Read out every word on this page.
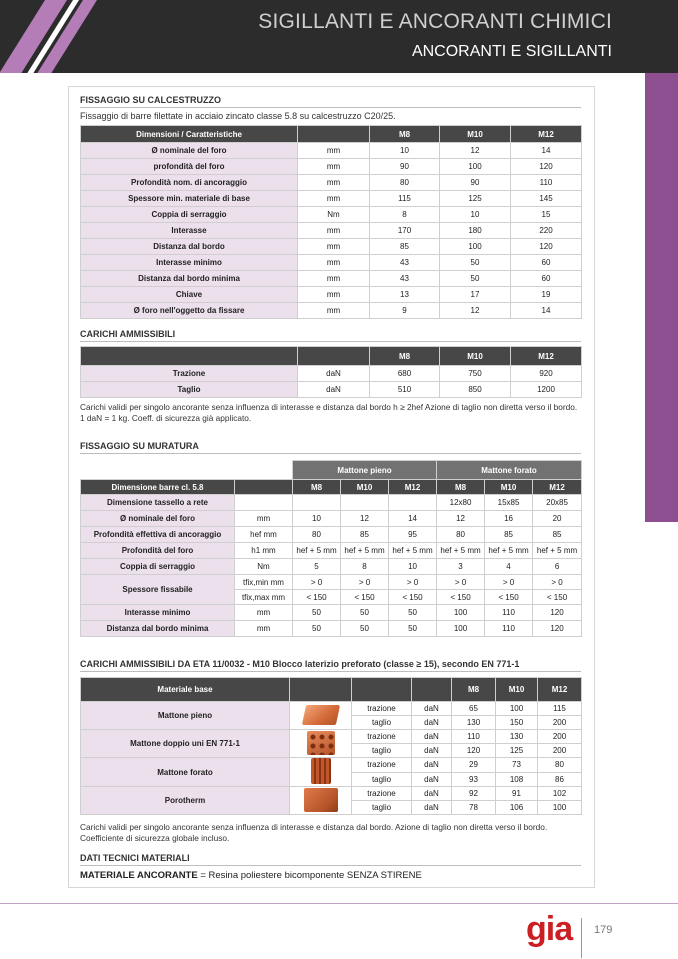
SIGILLANTI E ANCORANTI CHIMICI
ANCORANTI E SIGILLANTI
FISSAGGIO SU CALCESTRUZZO
Fissaggio di barre filettate in acciaio zincato classe 5.8 su calcestruzzo C20/25.
Dimensioni / Caratteristiche		M8	M10	M12
Ø nominale del foro	mm	10	12	14
profondità del foro	mm	90	100	120
Profondità nom. di ancoraggio	mm	80	90	110
Spessore min. materiale di base	mm	115	125	145
Coppia di serraggio	Nm	8	10	15
Interasse	mm	170	180	220
Distanza dal bordo	mm	85	100	120
Interasse minimo	mm	43	50	60
Distanza dal bordo minima	mm	43	50	60
Chiave	mm	13	17	19
Ø foro nell'oggetto da fissare	mm	9	12	14
CARICHI AMMISSIBILI
		M8	M10	M12
Trazione	daN	680	750	920
Taglio	daN	510	850	1200
Carichi validi per singolo ancorante senza influenza di interasse e distanza dal bordo h ≥ 2hef Azione di taglio non diretta verso il bordo. 1 daN = 1 kg. Coeff. di sicurezza già applicato.
FISSAGGIO SU MURATURA
		Mattone pieno			Mattone forato		
Dimensione barre cl. 5.8		M8	M10	M12	M8	M10	M12
Dimensione tassello a rete					12x80	15x85	20x85
Ø nominale del foro	mm	10	12	14	12	16	20
Profondità effettiva di ancoraggio	hef mm	80	85	95	80	85	85
Profondità del foro	h1 mm	hef + 5 mm	hef + 5 mm	hef + 5 mm	hef + 5 mm	hef + 5 mm	hef + 5 mm
Coppia di serraggio	Nm	5	8	10	3	4	6
Spessore fissabile	tfix,min mm	> 0	> 0	> 0	> 0	> 0	> 0
	tfix,max mm	< 150	< 150	< 150	< 150	< 150	< 150
Interasse minimo	mm	50	50	50	100	110	120
Distanza dal bordo minima	mm	50	50	50	100	110	120
CARICHI AMMISSIBILI DA ETA 11/0032 - M10 Blocco laterizio preforato (classe ≥ 15), secondo EN 771-1
Materiale base				M8	M10	M12
Mattone pieno		trazione	daN	65	100	115
		taglio	daN	130	150	200
Mattone doppio uni EN 771-1		trazione	daN	110	130	200
		taglio	daN	120	125	200
Mattone forato		trazione	daN	29	73	80
		taglio	daN	93	108	86
Porotherm		trazione	daN	92	91	102
		taglio	daN	78	106	100
Carichi validi per singolo ancorante senza influenza di interasse e distanza dal bordo. Azione di taglio non diretta verso il bordo. Coefficiente di sicurezza globale incluso.
DATI TECNICI MATERIALI
MATERIALE ANCORANTE = Resina poliestere bicomponente SENZA STIRENE
gia 179
